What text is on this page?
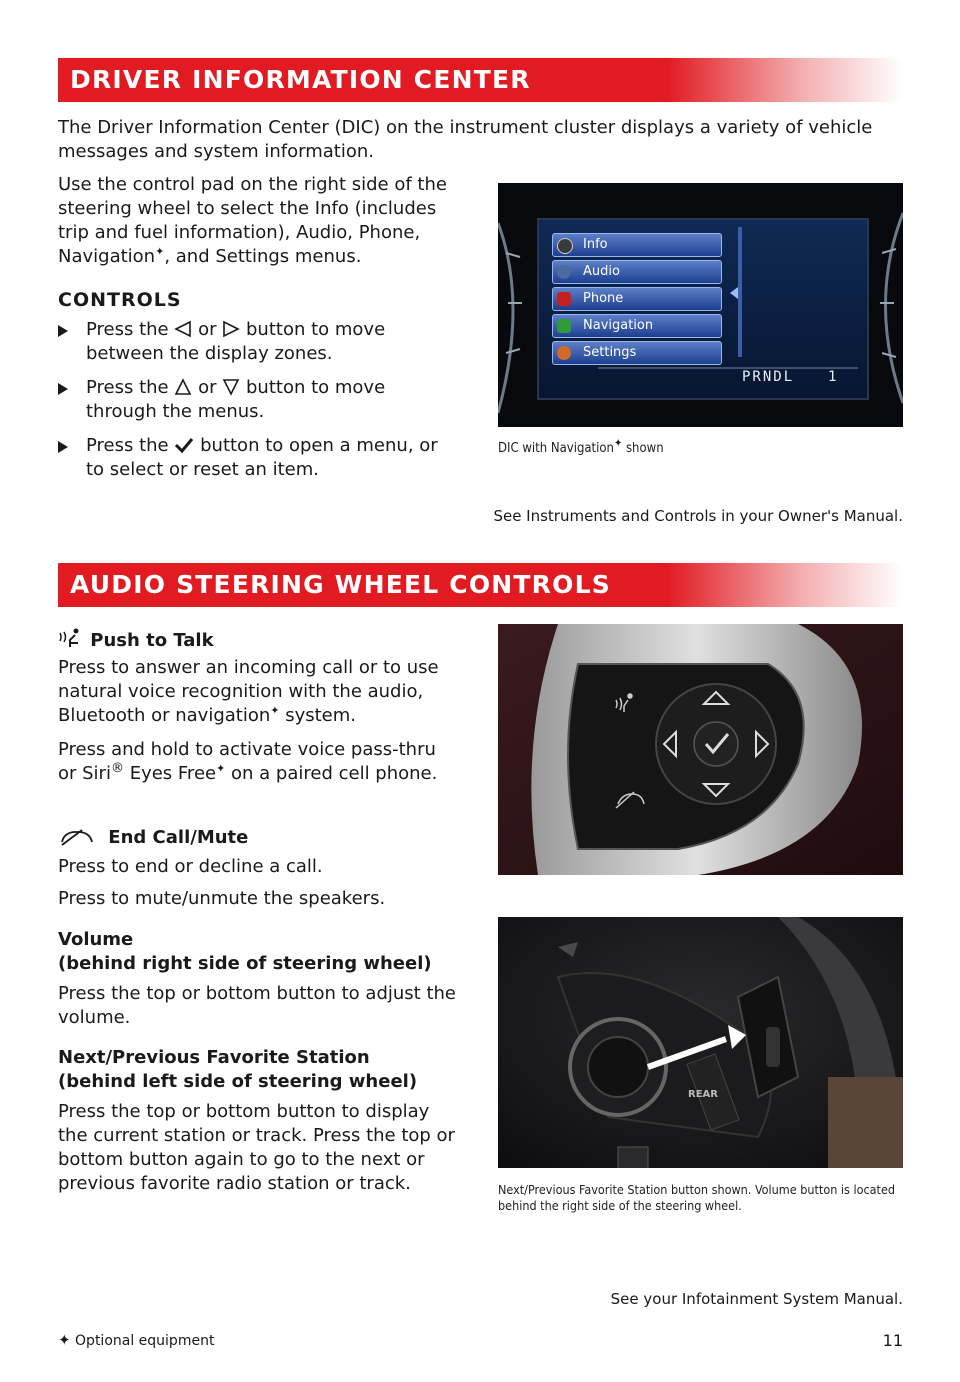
DRIVER INFORMATION CENTER

The Driver Information Center (DIC) on the instrument cluster displays a variety of vehicle messages and system information.

Use the control pad on the right side of the steering wheel to select the Info (includes trip and fuel information), Audio, Phone, Navigation✦, and Settings menus.

CONTROLS
Press the or button to move between the display zones.
Press the or button to move through the menus.
Press the button to open a menu, or to select or reset an item.
Info
Audio
Phone
Navigation
Settings
PRNDL 1
DIC with Navigation✦ shown
See Instruments and Controls in your Owner's Manual.
AUDIO STEERING WHEEL CONTROLS
Push to Talk

Press to answer an incoming call or to use natural voice recognition with the audio, Bluetooth or navigation✦ system.

Press and hold to activate voice pass-thru or Siri® Eyes Free✦ on a paired cell phone.

End Call/Mute
Press to end or decline a call.
Press to mute/unmute the speakers.
Volume
(behind right side of steering wheel)

Press the top or bottom button to adjust the volume.

Next/Previous Favorite Station
(behind left side of steering wheel)

Press the top or bottom button to display the current station or track. Press the top or bottom button again to go to the next or previous favorite radio station or track.

REAR
Next/Previous Favorite Station button shown. Volume button is located behind the right side of the steering wheel.
See your Infotainment System Manual.
✦ Optional equipment	11
